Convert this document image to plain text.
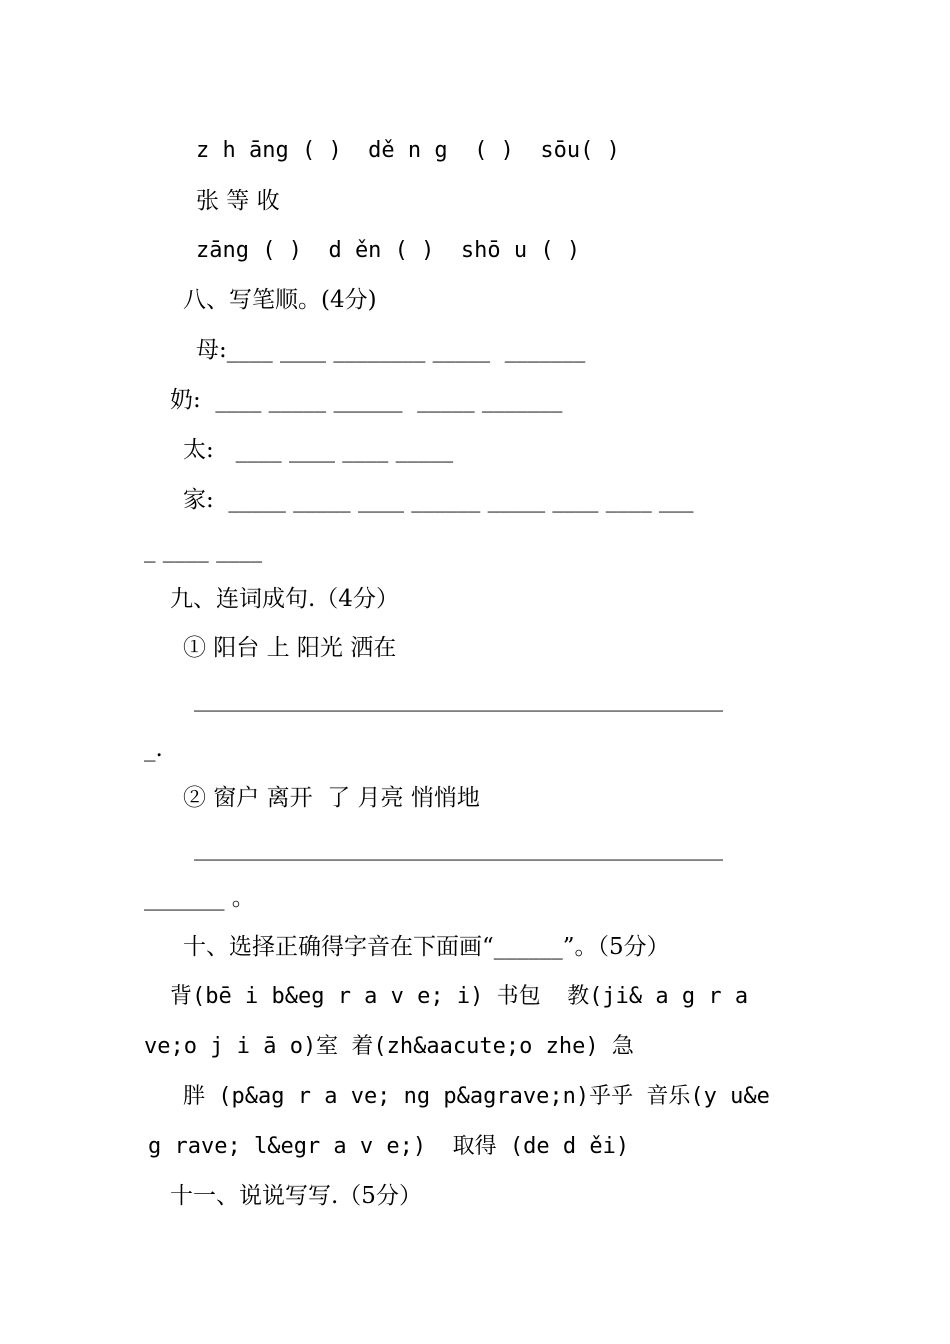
z h āng ( )  dě n g  ( )  sōu( )
张 等 收
zāng ( )  d ěn ( )  shō u ( )
八、写笔顺。(4分)
母:____ ____ ________ _____  _______
奶:  ____ _____ ______  _____ _______
太:   ____ ____ ____ _____
家:  _____ _____ ____ ______ _____ ____ ____ ___
_ ____ ____
九、连词成句.（4分）
① 阳台 上 阳光 洒在
______________________________________________
_.
② 窗户 离开  了 月亮 悄悄地
______________________________________________
_______ 。
十、选择正确得字音在下面画“______”。（5分）
背(bē i b&eg r a v e; i) 书包  教(ji& a g r a
ve;o j i ā o)室 着(zh&aacute;o zhe) 急
胖 (p&ag r a ve; ng p&agrave;n)乎乎 音乐(y u&e
g rave; l&egr a v e;)  取得 (de d ěi)
十一、说说写写.（5分）
